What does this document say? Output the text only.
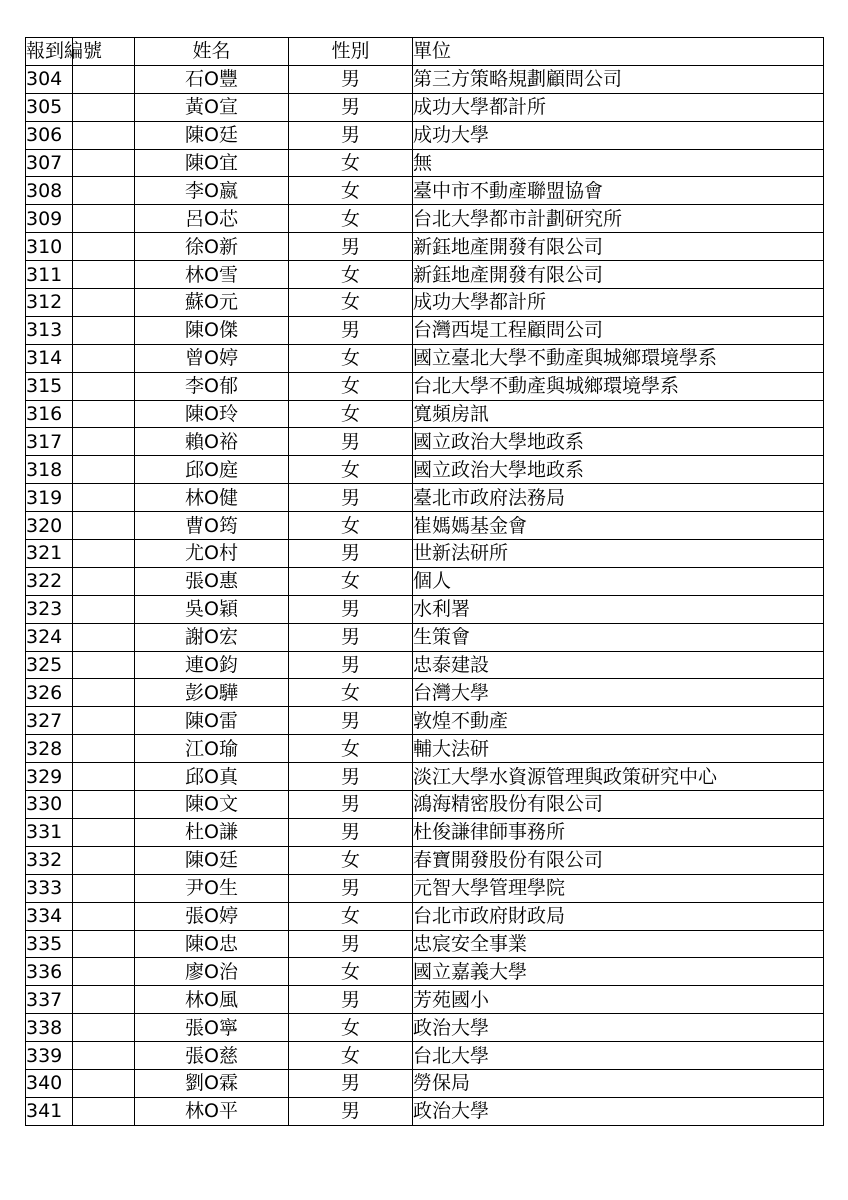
報到編號		姓名	性別	單位
304		石O豐	男	第三方策略規劃顧問公司
305		黃O宣	男	成功大學都計所
306		陳O廷	男	成功大學
307		陳O宜	女	無
308		李O嬴	女	臺中市不動產聯盟協會
309		呂O芯	女	台北大學都市計劃研究所
310		徐O新	男	新鈺地產開發有限公司
311		林O雪	女	新鈺地產開發有限公司
312		蘇O元	女	成功大學都計所
313		陳O傑	男	台灣西堤工程顧問公司
314		曾O婷	女	國立臺北大學不動產與城鄉環境學系
315		李O郁	女	台北大學不動產與城鄉環境學系
316		陳O玲	女	寬頻房訊
317		賴O裕	男	國立政治大學地政系
318		邱O庭	女	國立政治大學地政系
319		林O健	男	臺北市政府法務局
320		曹O筠	女	崔媽媽基金會
321		尤O村	男	世新法研所
322		張O惠	女	個人
323		吳O穎	男	水利署
324		謝O宏	男	生策會
325		連O鈞	男	忠泰建設
326		彭O驊	女	台灣大學
327		陳O雷	男	敦煌不動產
328		江O瑜	女	輔大法研
329		邱O真	男	淡江大學水資源管理與政策研究中心
330		陳O文	男	鴻海精密股份有限公司
331		杜O謙	男	杜俊謙律師事務所
332		陳O廷	女	春寶開發股份有限公司
333		尹O生	男	元智大學管理學院
334		張O婷	女	台北市政府財政局
335		陳O忠	男	忠宸安全事業
336		廖O治	女	國立嘉義大學
337		林O風	男	芳苑國小
338		張O寧	女	政治大學
339		張O慈	女	台北大學
340		劉O霖	男	勞保局
341		林O平	男	政治大學
